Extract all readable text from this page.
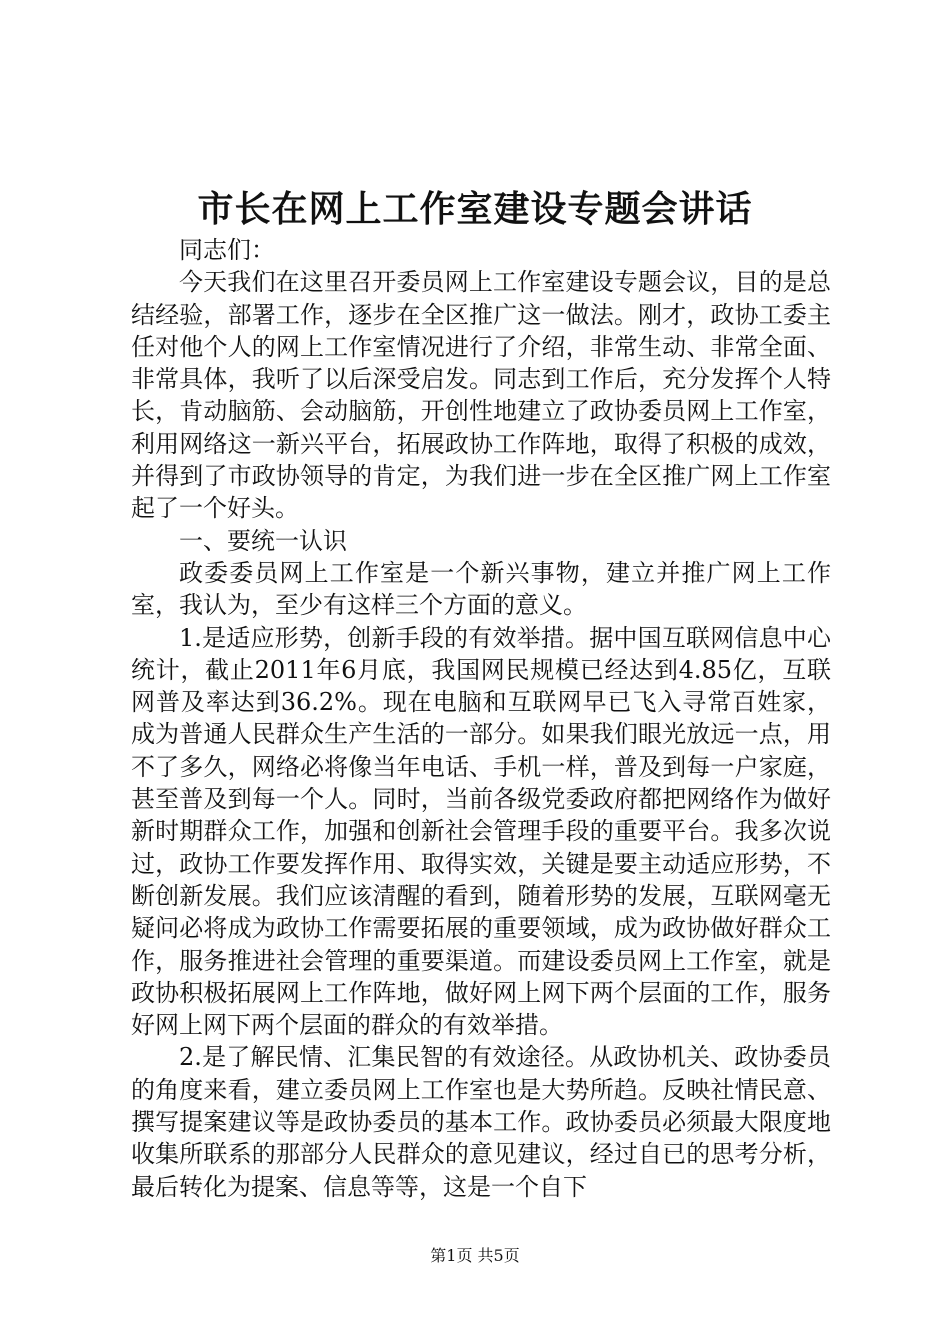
市长在网上工作室建设专题会讲话

同志们：

今天我们在这里召开委员网上工作室建设专题会议，目的是总结经验，部署工作，逐步在全区推广这一做法。刚才，政协工委主任对他个人的网上工作室情况进行了介绍，非常生动、非常全面、非常具体，我听了以后深受启发。同志到工作后，充分发挥个人特长，肯动脑筋、会动脑筋，开创性地建立了政协委员网上工作室，利用网络这一新兴平台，拓展政协工作阵地，取得了积极的成效，并得到了市政协领导的肯定，为我们进一步在全区推广网上工作室起了一个好头。

一、要统一认识

政委委员网上工作室是一个新兴事物，建立并推广网上工作室，我认为，至少有这样三个方面的意义。

1.是适应形势，创新手段的有效举措。据中国互联网信息中心统计，截止2011年6月底，我国网民规模已经达到4.85亿，互联网普及率达到36.2%。现在电脑和互联网早已飞入寻常百姓家，成为普通人民群众生产生活的一部分。如果我们眼光放远一点，用不了多久，网络必将像当年电话、手机一样，普及到每一户家庭，甚至普及到每一个人。同时，当前各级党委政府都把网络作为做好新时期群众工作，加强和创新社会管理手段的重要平台。我多次说过，政协工作要发挥作用、取得实效，关键是要主动适应形势，不断创新发展。我们应该清醒的看到，随着形势的发展，互联网毫无疑问必将成为政协工作需要拓展的重要领域，成为政协做好群众工作，服务推进社会管理的重要渠道。而建设委员网上工作室，就是政协积极拓展网上工作阵地，做好网上网下两个层面的工作，服务好网上网下两个层面的群众的有效举措。

2.是了解民情、汇集民智的有效途径。从政协机关、政协委员的角度来看，建立委员网上工作室也是大势所趋。反映社情民意、撰写提案建议等是政协委员的基本工作。政协委员必须最大限度地收集所联系的那部分人民群众的意见建议，经过自已的思考分析，最后转化为提案、信息等等，这是一个自下

第1页 共5页
